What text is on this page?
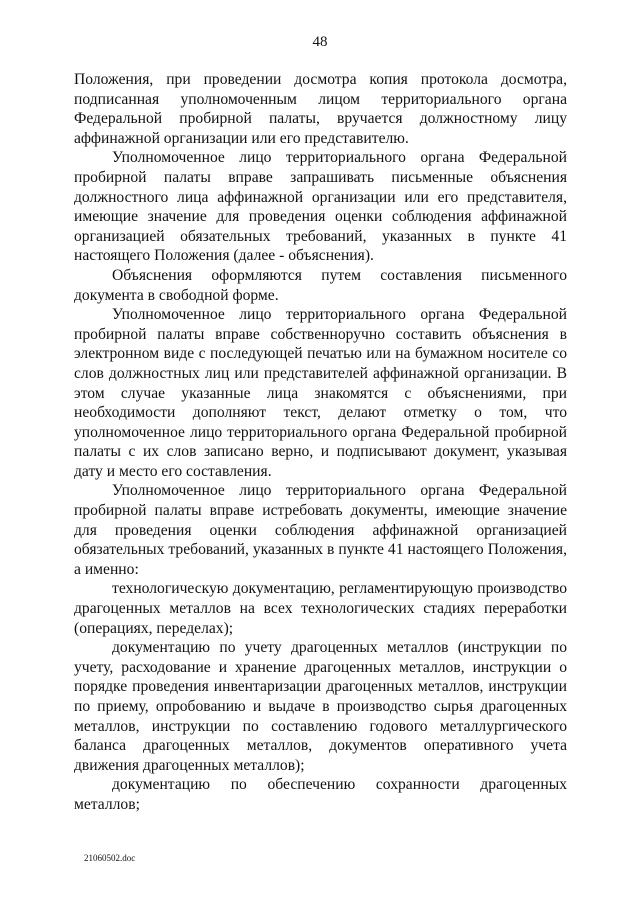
48

Положения, при проведении досмотра копия протокола досмотра, подписанная уполномоченным лицом территориального органа Федеральной пробирной палаты, вручается должностному лицу аффинажной организации или его представителю.

Уполномоченное лицо территориального органа Федеральной пробирной палаты вправе запрашивать письменные объяснения должностного лица аффинажной организации или его представителя, имеющие значение для проведения оценки соблюдения аффинажной организацией обязательных требований, указанных в пункте 41 настоящего Положения (далее - объяснения).

Объяснения оформляются путем составления письменного документа в свободной форме.

Уполномоченное лицо территориального органа Федеральной пробирной палаты вправе собственноручно составить объяснения в электронном виде с последующей печатью или на бумажном носителе со слов должностных лиц или представителей аффинажной организации. В этом случае указанные лица знакомятся с объяснениями, при необходимости дополняют текст, делают отметку о том, что уполномоченное лицо территориального органа Федеральной пробирной палаты с их слов записано верно, и подписывают документ, указывая дату и место его составления.

Уполномоченное лицо территориального органа Федеральной пробирной палаты вправе истребовать документы, имеющие значение для проведения оценки соблюдения аффинажной организацией обязательных требований, указанных в пункте 41 настоящего Положения, а именно:

технологическую документацию, регламентирующую производство драгоценных металлов на всех технологических стадиях переработки (операциях, переделах);

документацию по учету драгоценных металлов (инструкции по учету, расходование и хранение драгоценных металлов, инструкции о порядке проведения инвентаризации драгоценных металлов, инструкции по приему, опробованию и выдаче в производство сырья драгоценных металлов, инструкции по составлению годового металлургического баланса драгоценных металлов, документов оперативного учета движения драгоценных металлов);

документацию по обеспечению сохранности драгоценных металлов;

21060502.doc
